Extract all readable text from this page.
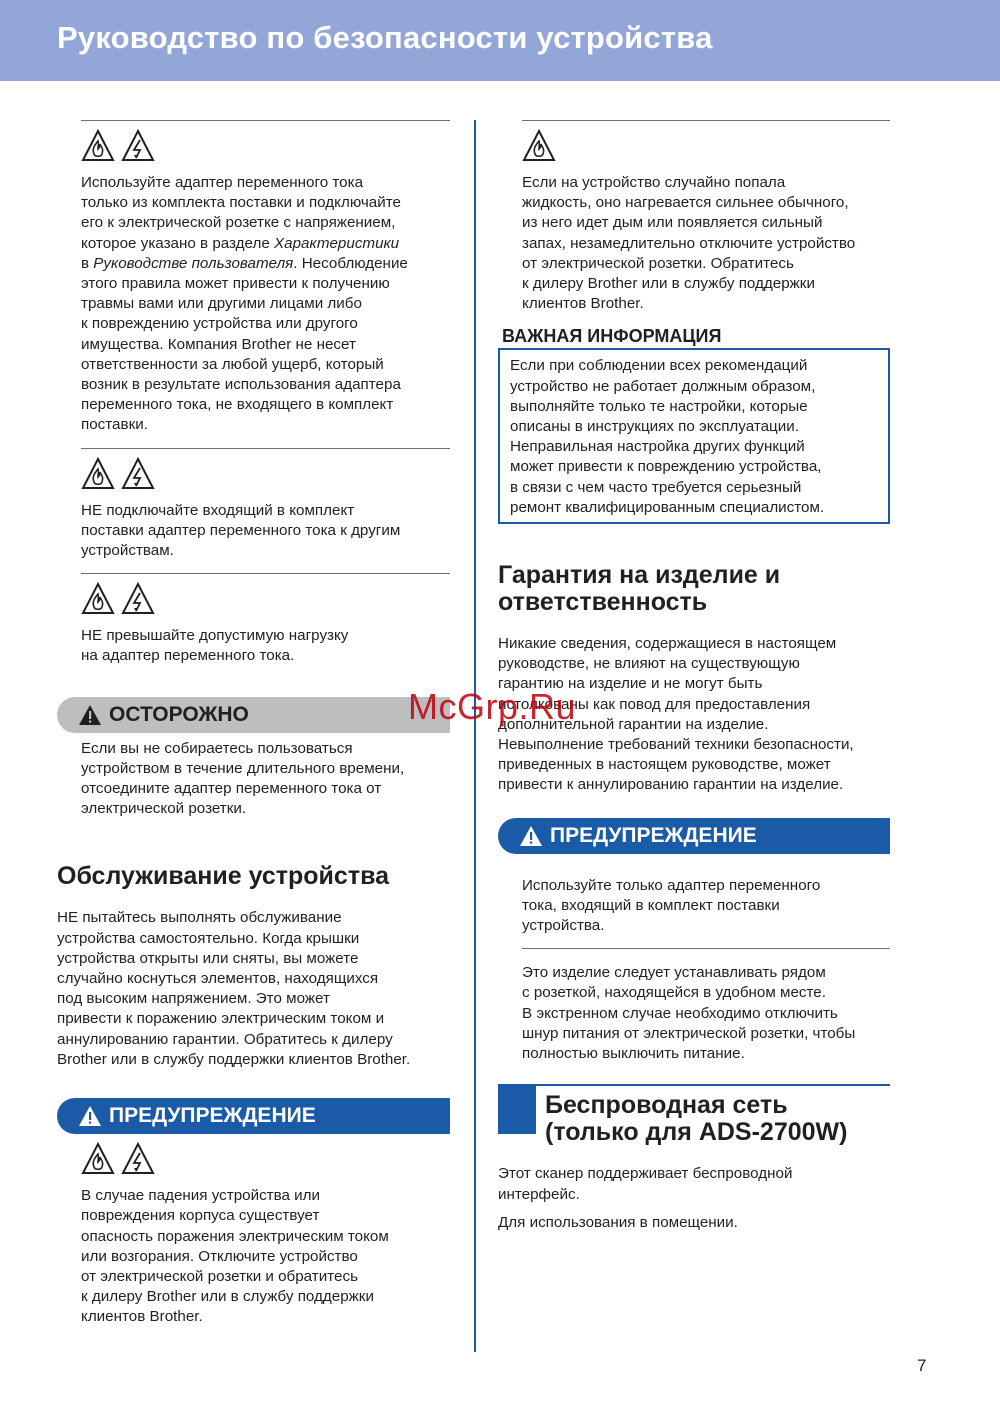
Руководство по безопасности устройства
Используйте адаптер переменного тока
только из комплекта поставки и подключайте
его к электрической розетке с напряжением,
которое указано в разделе Характеристики
в Руководстве пользователя. Несоблюдение
этого правила может привести к получению
травмы вами или другими лицами либо
к повреждению устройства или другого
имущества. Компания Brother не несет
ответственности за любой ущерб, который
возник в результате использования адаптера
переменного тока, не входящего в комплект
поставки.
НЕ подключайте входящий в комплект
поставки адаптер переменного тока к другим
устройствам.
НЕ превышайте допустимую нагрузку
на адаптер переменного тока.
ОСТОРОЖНО
Если вы не собираетесь пользоваться
устройством в течение длительного времени,
отсоедините адаптер переменного тока от
электрической розетки.
Обслуживание устройства
НЕ пытайтесь выполнять обслуживание
устройства самостоятельно. Когда крышки
устройства открыты или сняты, вы можете
случайно коснуться элементов, находящихся
под высоким напряжением. Это может
привести к поражению электрическим током и
аннулированию гарантии. Обратитесь к дилеру
Brother или в службу поддержки клиентов Brother.
ПРЕДУПРЕЖДЕНИЕ
В случае падения устройства или
повреждения корпуса существует
опасность поражения электрическим током
или возгорания. Отключите устройство
от электрической розетки и обратитесь
к дилеру Brother или в службу поддержки
клиентов Brother.
Если на устройство случайно попала
жидкость, оно нагревается сильнее обычного,
из него идет дым или появляется сильный
запах, незамедлительно отключите устройство
от электрической розетки. Обратитесь
к дилеру Brother или в службу поддержки
клиентов Brother.
ВАЖНАЯ ИНФОРМАЦИЯ
Если при соблюдении всех рекомендаций
устройство не работает должным образом,
выполняйте только те настройки, которые
описаны в инструкциях по эксплуатации.
Неправильная настройка других функций
может привести к повреждению устройства,
в связи с чем часто требуется серьезный
ремонт квалифицированным специалистом.
Гарантия на изделие и
ответственность
Никакие сведения, содержащиеся в настоящем
руководстве, не влияют на существующую
гарантию на изделие и не могут быть
истолкованы как повод для предоставления
дополнительной гарантии на изделие.
Невыполнение требований техники безопасности,
приведенных в настоящем руководстве, может
привести к аннулированию гарантии на изделие.
ПРЕДУПРЕЖДЕНИЕ
Используйте только адаптер переменного
тока, входящий в комплект поставки
устройства.
Это изделие следует устанавливать рядом
с розеткой, находящейся в удобном месте.
В экстренном случае необходимо отключить
шнур питания от электрической розетки, чтобы
полностью выключить питание.
Беспроводная сеть
(только для ADS-2700W)
Этот сканер поддерживает беспроводной
интерфейс.
Для использования в помещении.
McGrp.Ru
7
